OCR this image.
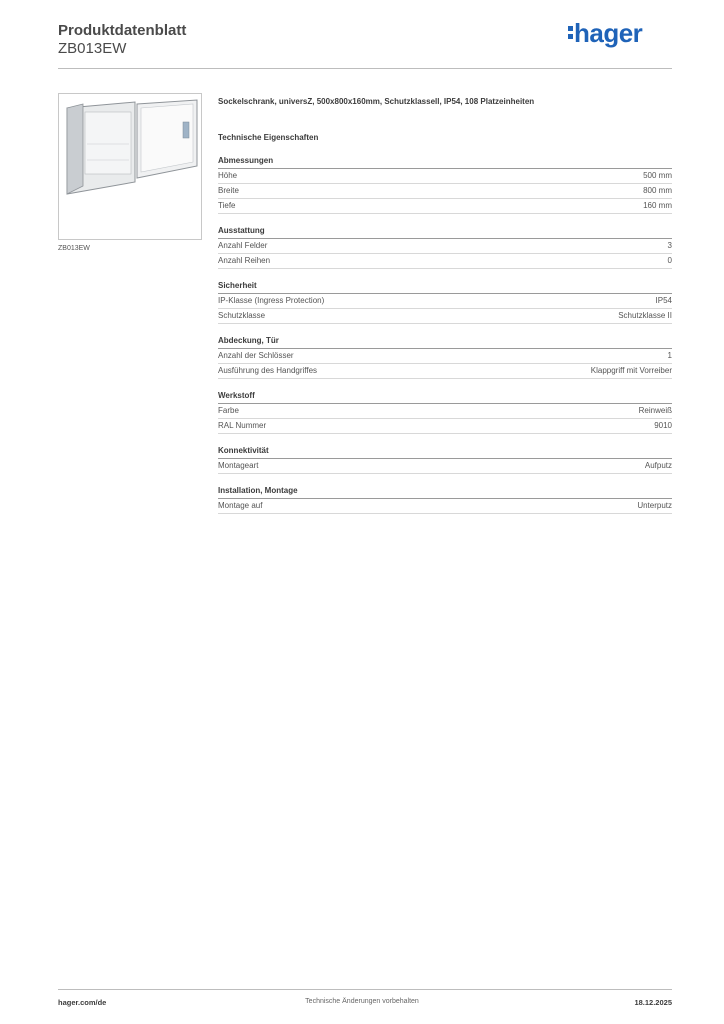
Produktdatenblatt
ZB013EW
hager
ZB013EW
Sockelschrank, universZ, 500x800x160mm, Schutzklassell, IP54, 108 Platzeinheiten
Technische Eigenschaften
Abmessungen
Höhe	500 mm
Breite	800 mm
Tiefe	160 mm
Ausstattung
Anzahl Felder	3
Anzahl Reihen	0
Sicherheit
IP-Klasse (Ingress Protection)	IP54
Schutzklasse	Schutzklasse II
Abdeckung, Tür
Anzahl der Schlösser	1
Ausführung des Handgriffes	Klappgriff mit Vorreiber
Werkstoff
Farbe	Reinweiß
RAL Nummer	9010
Konnektivität
Montageart	Aufputz
Installation, Montage
Montage auf	Unterputz
hager.com/de	Technische Änderungen vorbehalten	18.12.2025
